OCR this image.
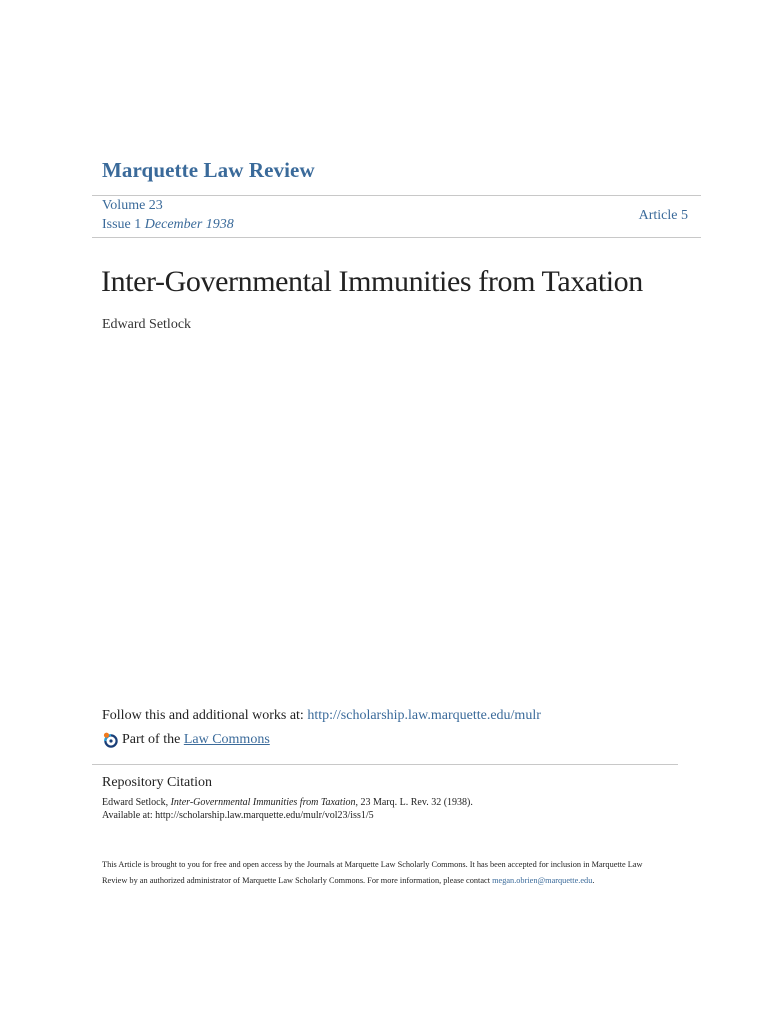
Marquette Law Review
Volume 23
Issue 1 December 1938
Article 5
Inter-Governmental Immunities from Taxation
Edward Setlock
Follow this and additional works at: http://scholarship.law.marquette.edu/mulr
Part of the
Law Commons
Repository Citation
Edward Setlock, Inter-Governmental Immunities from Taxation, 23 Marq. L. Rev. 32 (1938).
Available at: http://scholarship.law.marquette.edu/mulr/vol23/iss1/5
This Article is brought to you for free and open access by the Journals at Marquette Law Scholarly Commons. It has been accepted for inclusion in Marquette Law Review by an authorized administrator of Marquette Law Scholarly Commons. For more information, please contact megan.obrien@marquette.edu.
